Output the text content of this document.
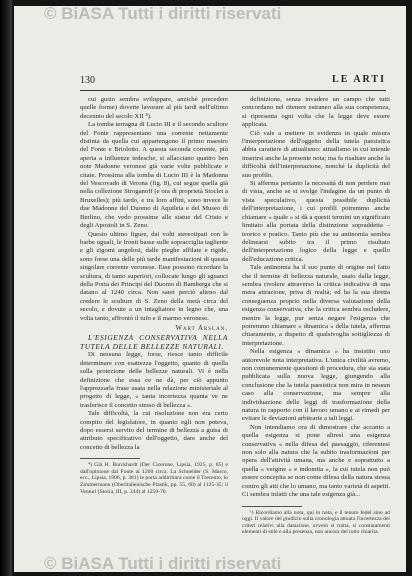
© BiASA Tutti i diritti riservati
130	LE ARTI

cui gusto sembra sviluppare, anziché precedere quelle forme) dovette lavorare al più tardi nell'ultimo decennio del secolo XII ⁴).

La tomba terragna di Lucio III e il secondo scultore del Fonte rappresentano una corrente nettamente distinta da quella cui appartengono il primo maestro del Fonte e Briolotto. A questa seconda corrente, più aperta a influenze tedesche, si allacciano quattro ben note Madonne veronesi già varie volte pubblicate e citate. Prossima alla tomba di Lucio III è la Madonna del Vescovado di Verona (fig. 8), cui segue quella già nella collezione Stroganoff (e ora di proprietà Stoclet a Bruxelles); più tardo, e tra loro affini, sono invece le due Madonne del Duomo di Aquileia e del Museo di Berlino, che vedo prossime alle statue del Cristo e degli Apostoli in S. Zeno.

Questo ultimo figure, dai volti stereotipati con le barbe uguali, le fronti basse sulle sopracciglia tagliente e gli zigomi angolosi, dalle pieghe affilate e rigide, sono forse una delle più tarde manifestazioni di questa singolare corrente veronese. Esse possono ricordare la scultura, di tanto superiori, collocate lungo gli sguanci della Porta dei Principi del Duomo di Bamberga che si datano al 1240 circa. Non sarei perciò alieno dal credere le sculture di S. Zeno della metà circa del secolo, e dovute a un intagliatore in legno che, una volta tanto, affrontò il tufo e il marmo veronese.

Wart Arslan.

L'ESIGENZA CONSERVATIVA NELLA TUTELA DELLE BELLEZZE NATURALI.

Di nessuna legge, forse, riesce tanto difficile determinare con esattezza l'oggetto, quanto di quella sulla protezione delle bellezze naturali. Vi è nella definizione che essa ce ne dà, per ciò appunto l'apprezzarla frase usata nella relazione ministeriale al progetto di legge, « tanta incertezza quanta ve ne trasferisce il concetto stesso di bellezza ».

Tale difficoltà, la cui risoluzione non era certo compito del legislatore, in quanto egli non poteva, dopo essersi servito del termine di bellezza a guisa di attributo specificativo dell'oggetto, dare anche del concetto di bellezza la

⁴) Già H. Burckhardt (Der Cicerone, Lipsia, 1925, p. 85) e dall'opinione dal Fonte al 1200 circa. La Schneider (S. Marco, ecc., Lipsia, 1906, p. 381) le porta addirittura come il Trecento, lo Zimmermann (Oberitalienische Plastik, pp. 55, 60) al 1125-35; il Venturi (Storia, III, p. 244) al 1250-70.

definizione, senza invadere un campo che tutti concordano nel ritenere estraneo alla sua competenza, si ripresenta ogni volta che la legge deve essere applicata.

Ciò vale a mettere in evidenza in quale misura l'interpretazione dell'oggetto della tutela paesistica abbia carattere di attualismo: attualismo in cui intende inserirsi anche la presente nota; ma fa risaltare anche la difficoltà dell'interpretazione, nonché la duplicità del suo profilo.

Si afferma pertanto la necessità di non perdere mai di vista, anche se si svolge l'indagine da un punto di vista speculativo, questa possibile duplicità dell'interpretazione, i cui profili potremmo anche chiamare « quale » si dà a questi termini un significato limitato alla portata della distinzione sopraddetta – teorico e pratico. Tanto più che su antinomia sembra delinearsi subito tra il primo risultato dell'interpretazione logico della legge e quello dell'educazione critica.

Tale antinomia ha il suo punto di origine nel fatto che il termine di bellezza naturale, usato dalla legge, sembra rivolere attraverso la critica indicativa di una mera attrazione, priva di realtà; ed ha la sua diretta conseguenza proprio nella diversa valutazione della esigenza conservativa, che la critica sembra escludere, mentre la legge, pur senza negare l'esigenza che potremmo chiamare « dinamica » della tutela, afferma chiaramente, a dispetto di qualsivoglia sottigliezza di interpretazione.

Nella esigenza « dinamica » ha insistito uno autorevole nota interpretativa. L'unica civilità avremo, non comunemente questioni di procedura, che sia stata pubblicata sulla nuova legge, giungendo alla conclusione che la tutela paesistica non mira in nessun caso alla conservazione, ma sempre alla individuazione delle leggi di trasformazione della natura in rapporto con il lavoro umano e ai rimedi per evitare le deviazioni arbitrarie a tali leggi.

Non intendiamo ora di dimostrare che accanto a quella esigenza si pone altresì una esigenza conservativa « nella difesa del paesaggio, riferentesi non solo alla natura che la subito trasformazioni per opera dell'attività umana, ma anche e soprattutto a quella « vergine » e indomita », la cui tutela non può essere concepita se non come difesa della natura stessa contro gli atti che lo umano, ma tanto varietà di aspetti. Ci sembra infatti che una tale esigenza già...

¹) Ricordiamo alla nota, qui in nota, e il tenuto fedel sino ad oggi. Il valore del giudizio sulla cronologia attuata l'incertezza dei criteri relativi alla datazione, ovvero si tratta, si constatamenti elementi di stile e alla presenza, non ancora del tutto chiarita.

© BiASA Tutti i diritti riservati
